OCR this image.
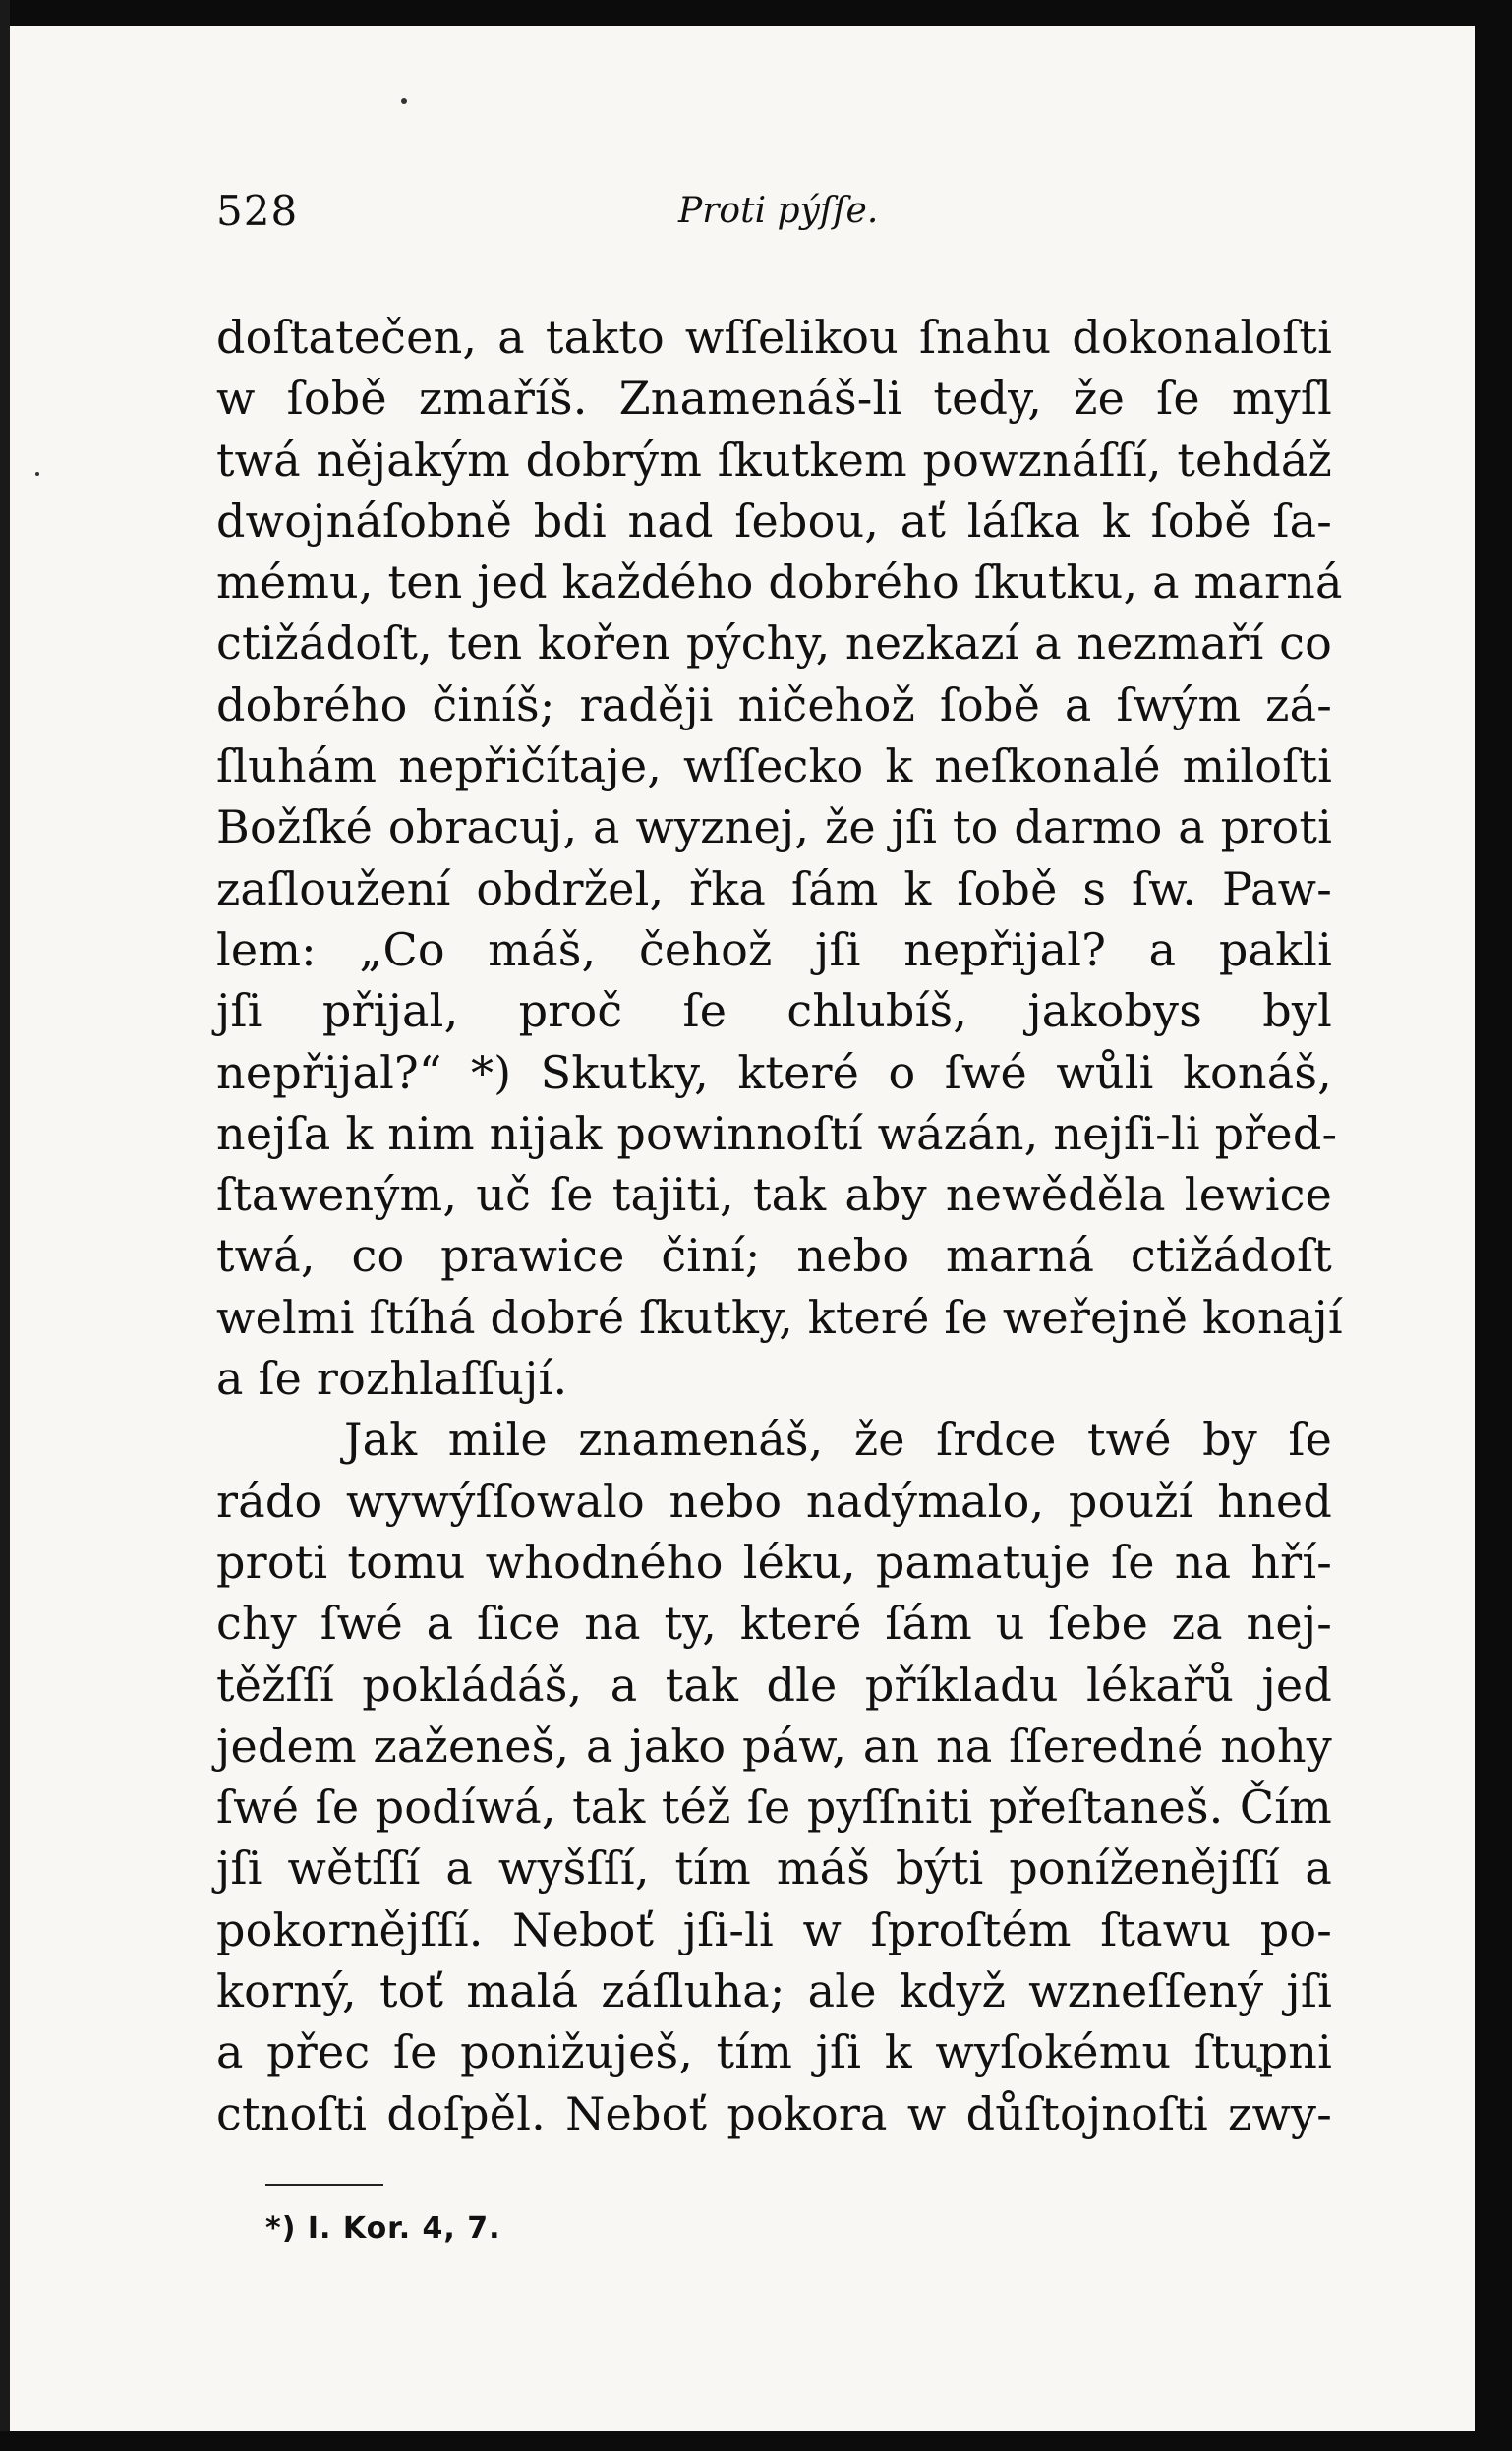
528	Proti pýſſe.
doſtatečen, a takto wſſelikou ſnahu dokonaloſti
w ſobě zmaříš. Znamenáš-li tedy, že ſe myſl
twá nějakým dobrým ſkutkem powznáſſí, tehdáž
dwojnáſobně bdi nad ſebou, ať láſka k ſobě ſa-
mému, ten jed každého dobrého ſkutku, a marná
ctižádoſt, ten kořen pýchy, nezkazí a nezmaří co
dobrého činíš; raději ničehož ſobě a ſwým zá-
ſluhám nepřičítaje, wſſecko k neſkonalé miloſti
Božſké obracuj, a wyznej, že jſi to darmo a proti
zaſloužení obdržel, řka ſám k ſobě s ſw. Paw-
lem: „Co máš, čehož jſi nepřijal? a pakli
jſi přijal, proč ſe chlubíš, jakobys byl
nepřijal?“ *) Skutky, které o ſwé wůli konáš,
nejſa k nim nijak powinnoſtí wázán, nejſi-li před-
ſtaweným, uč ſe tajiti, tak aby newěděla lewice
twá, co prawice činí; nebo marná ctižádoſt
welmi ſtíhá dobré ſkutky, které ſe weřejně konají
a ſe rozhlaſſují.
Jak mile znamenáš, že ſrdce twé by ſe
rádo wywýſſowalo nebo nadýmalo, použí hned
proti tomu whodného léku, pamatuje ſe na hří-
chy ſwé a ſice na ty, které ſám u ſebe za nej-
těžſſí pokládáš, a tak dle příkladu lékařů jed
jedem zaženeš, a jako páw, an na ſſeredné nohy
ſwé ſe podíwá, tak též ſe pyſſniti přeſtaneš. Čím
jſi wětſſí a wyšſſí, tím máš býti poníženějſſí a
pokornějſſí. Neboť jſi-li w ſproſtém ſtawu po-
korný, toť malá záſluha; ale když wzneſſený jſi
a přec ſe ponižuješ, tím jſi k wyſokému ſtupni
ctnoſti doſpěl. Neboť pokora w důſtojnoſti zwy-
*) I. Kor. 4, 7.
